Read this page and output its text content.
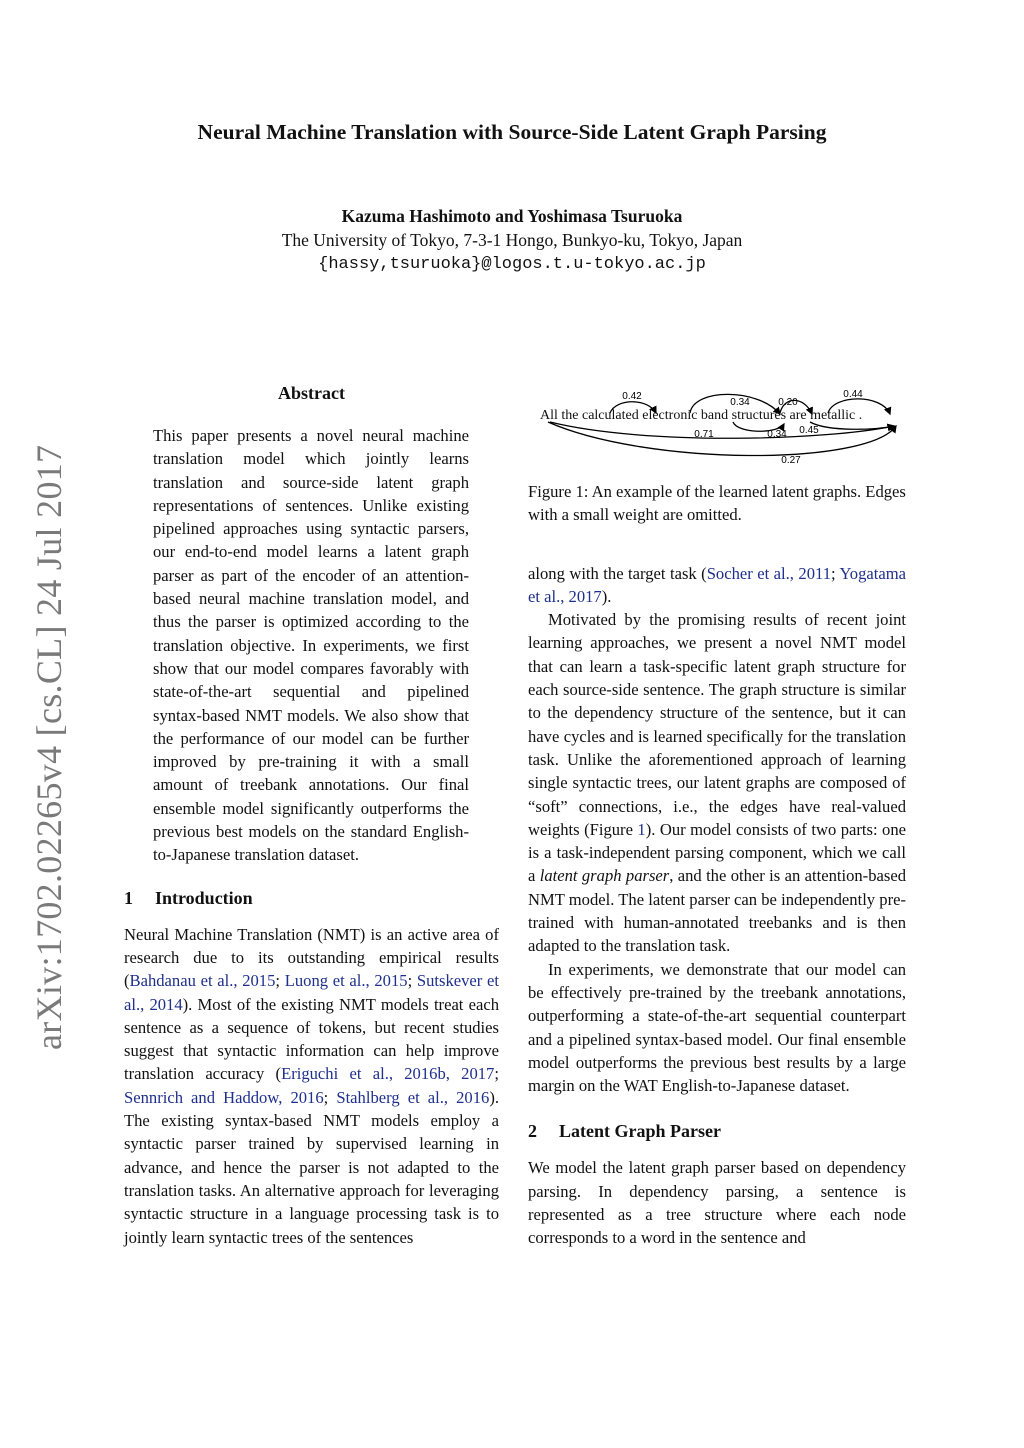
Neural Machine Translation with Source-Side Latent Graph Parsing
Kazuma Hashimoto and Yoshimasa Tsuruoka
The University of Tokyo, 7-3-1 Hongo, Bunkyo-ku, Tokyo, Japan
{hassy,tsuruoka}@logos.t.u-tokyo.ac.jp
arXiv:1702.02265v4 [cs.CL] 24 Jul 2017
Abstract

This paper presents a novel neural machine translation model which jointly learns translation and source-side latent graph representations of sentences. Unlike existing pipelined approaches using syntactic parsers, our end-to-end model learns a latent graph parser as part of the encoder of an attention-based neural machine translation model, and thus the parser is optimized according to the translation objective. In experiments, we first show that our model compares favorably with state-of-the-art sequential and pipelined syntax-based NMT models. We also show that the performance of our model can be further improved by pre-training it with a small amount of treebank annotations. Our final ensemble model significantly outperforms the previous best models on the standard English-to-Japanese translation dataset.

1 Introduction

Neural Machine Translation (NMT) is an active area of research due to its outstanding empirical results (Bahdanau et al., 2015; Luong et al., 2015; Sutskever et al., 2014). Most of the existing NMT models treat each sentence as a sequence of tokens, but recent studies suggest that syntactic information can help improve translation accuracy (Eriguchi et al., 2016b, 2017; Sennrich and Haddow, 2016; Stahlberg et al., 2016). The existing syntax-based NMT models employ a syntactic parser trained by supervised learning in advance, and hence the parser is not adapted to the translation tasks. An alternative approach for leveraging syntactic structure in a language processing task is to jointly learn syntactic trees of the sentences

0.42
0.34	0.20
0.44
0.71	0.34 0.45
0.27
All the calculated electronic band structures are metallic .

Figure 1: An example of the learned latent graphs. Edges with a small weight are omitted.

along with the target task (Socher et al., 2011; Yogatama et al., 2017).

Motivated by the promising results of recent joint learning approaches, we present a novel NMT model that can learn a task-specific latent graph structure for each source-side sentence. The graph structure is similar to the dependency structure of the sentence, but it can have cycles and is learned specifically for the translation task. Unlike the aforementioned approach of learning single syntactic trees, our latent graphs are composed of “soft” connections, i.e., the edges have real-valued weights (Figure 1). Our model consists of two parts: one is a task-independent parsing component, which we call a latent graph parser, and the other is an attention-based NMT model. The latent parser can be independently pre-trained with human-annotated treebanks and is then adapted to the translation task.

In experiments, we demonstrate that our model can be effectively pre-trained by the treebank annotations, outperforming a state-of-the-art sequential counterpart and a pipelined syntax-based model. Our final ensemble model outperforms the previous best results by a large margin on the WAT English-to-Japanese dataset.

2 Latent Graph Parser

We model the latent graph parser based on dependency parsing. In dependency parsing, a sentence is represented as a tree structure where each node corresponds to a word in the sentence and
